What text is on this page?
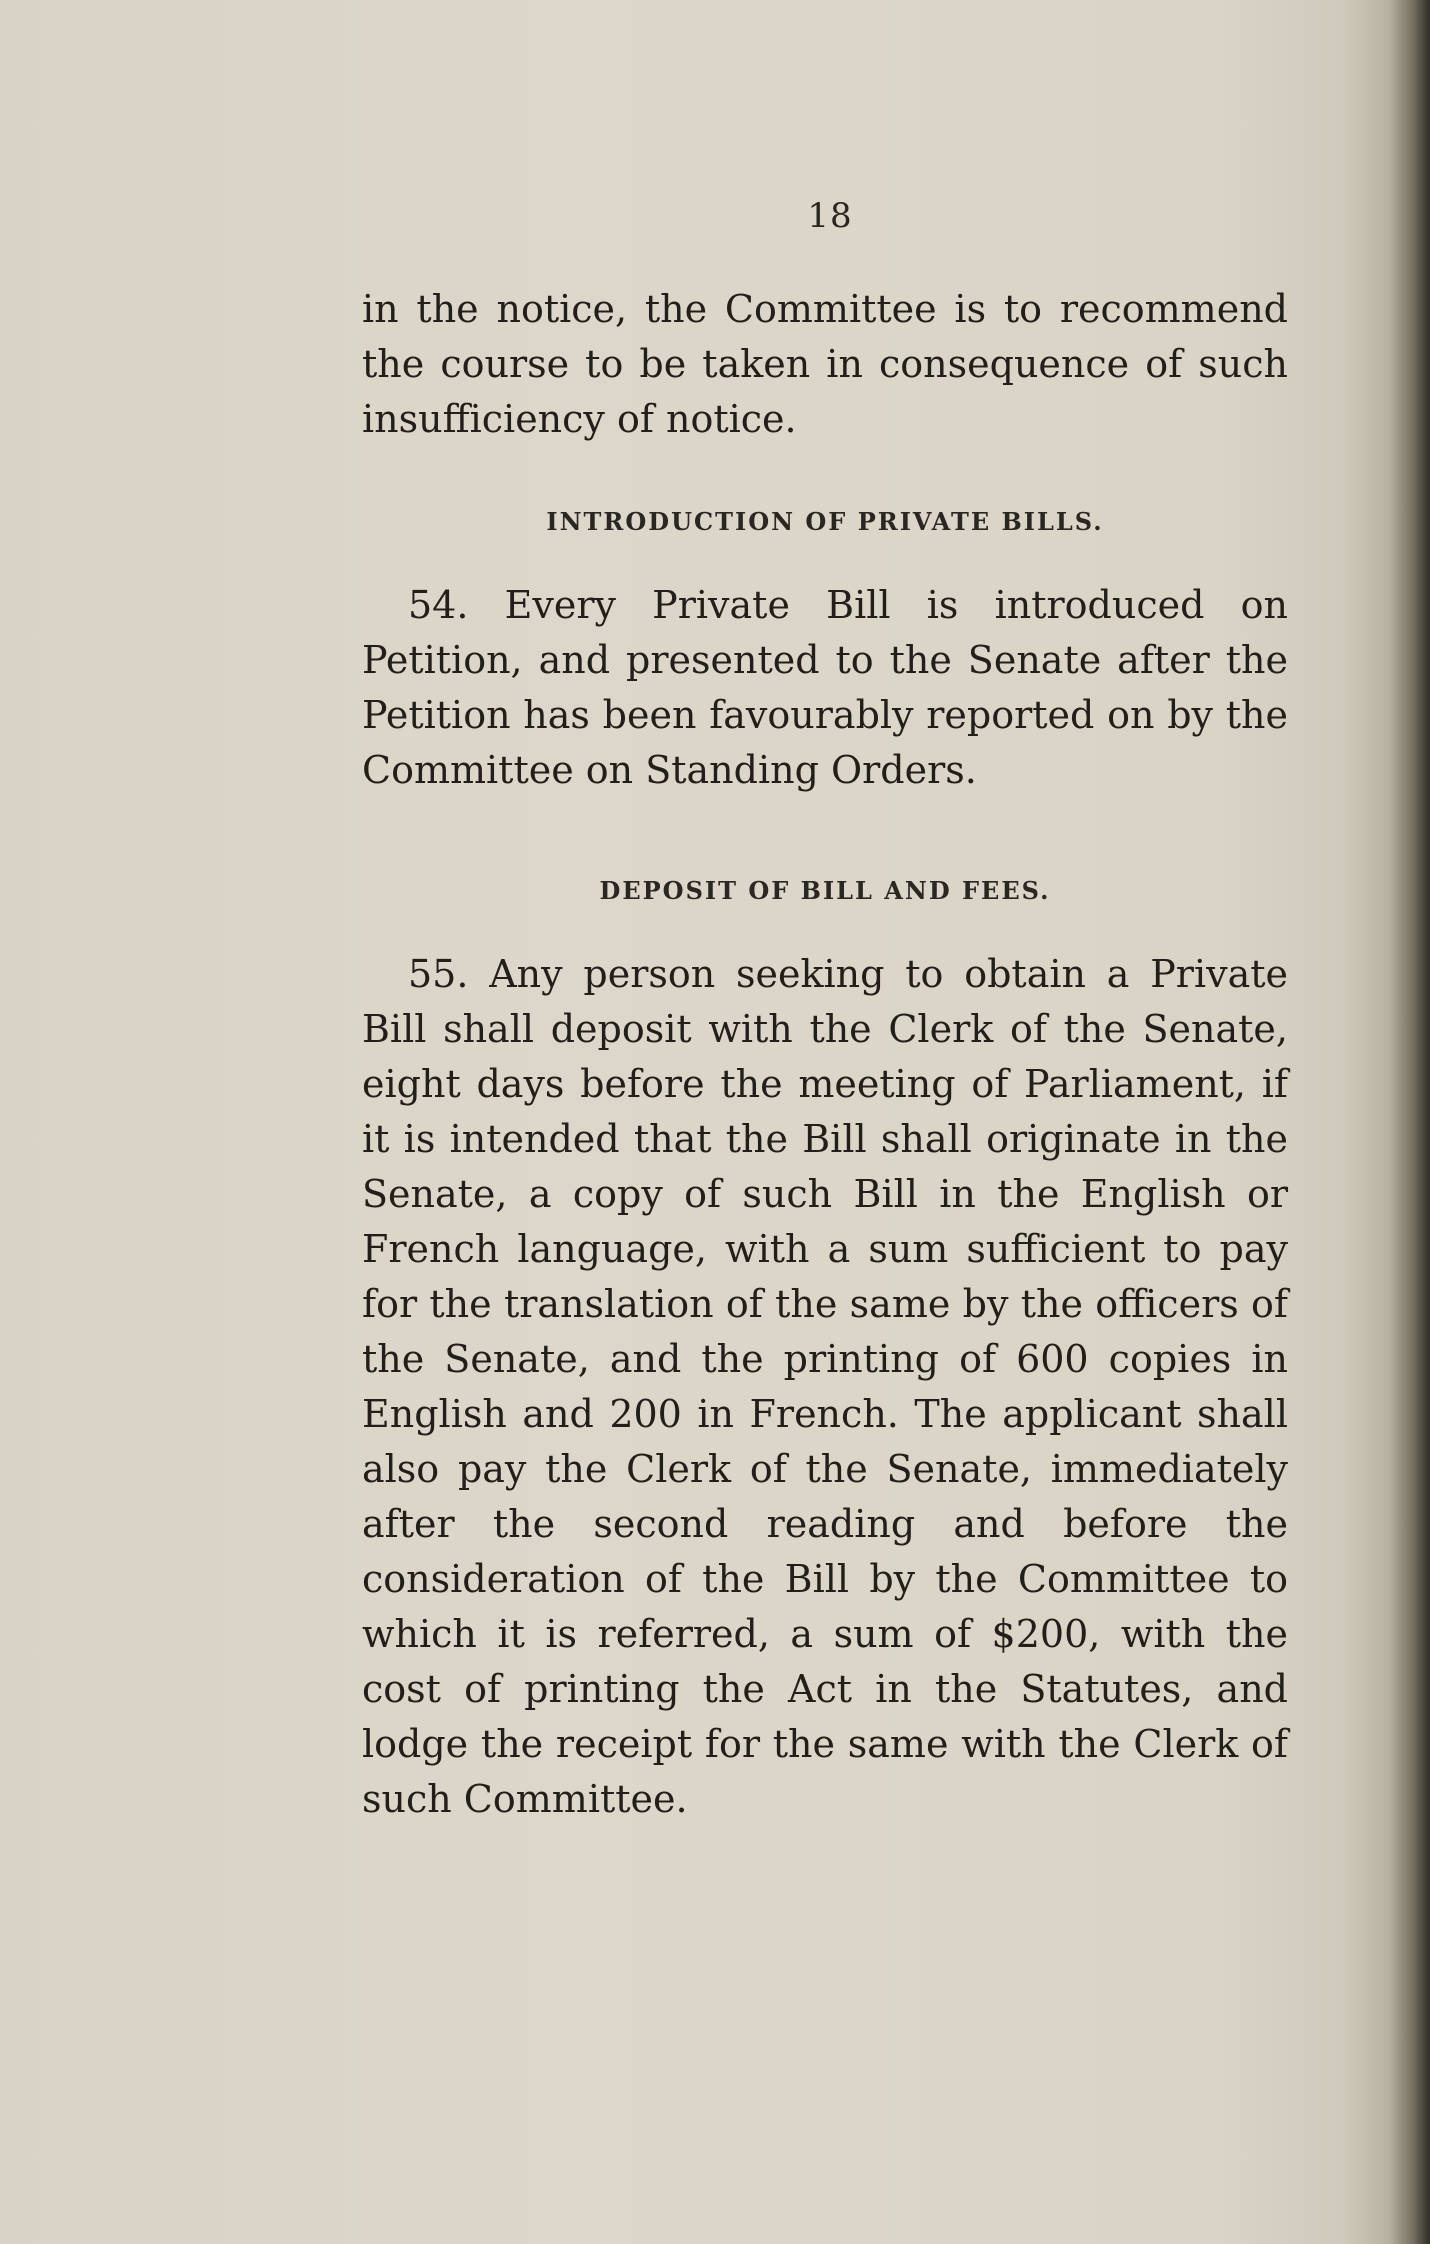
18

in the notice, the Committee is to recommend the course to be taken in consequence of such insufficiency of notice.

INTRODUCTION OF PRIVATE BILLS.

54. Every Private Bill is introduced on Petition, and presented to the Senate after the Petition has been favourably reported on by the Committee on Standing Orders.

DEPOSIT OF BILL AND FEES.

55. Any person seeking to obtain a Private Bill shall deposit with the Clerk of the Senate, eight days before the meeting of Parliament, if it is intended that the Bill shall originate in the Senate, a copy of such Bill in the English or French language, with a sum sufficient to pay for the translation of the same by the officers of the Senate, and the printing of 600 copies in English and 200 in French. The applicant shall also pay the Clerk of the Senate, immediately after the second reading and before the consideration of the Bill by the Committee to which it is referred, a sum of $200, with the cost of printing the Act in the Statutes, and lodge the receipt for the same with the Clerk of such Committee.
